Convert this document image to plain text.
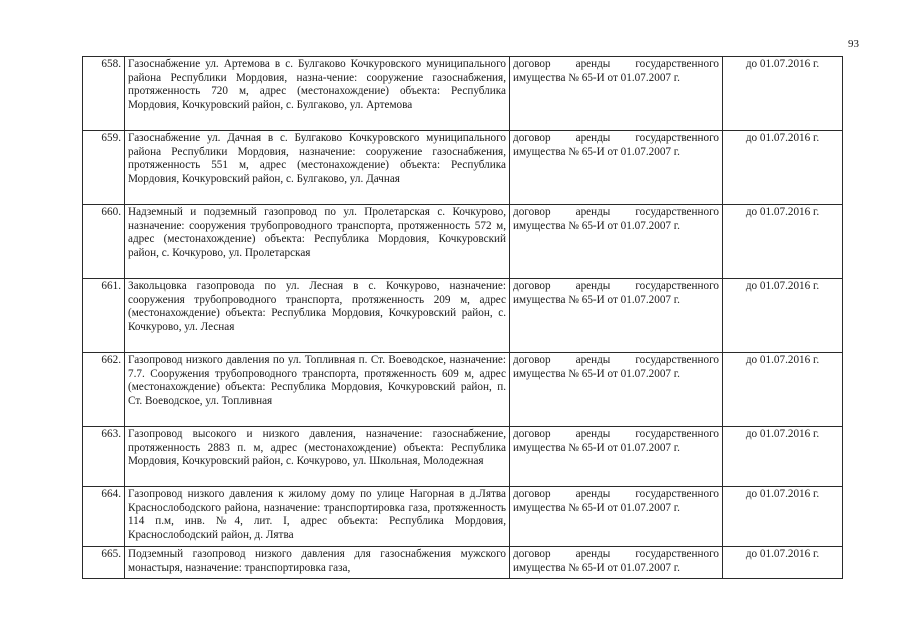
93
658.	Газоснабжение ул. Артемова в с. Булгаково Кочкуровского муниципального района Республики Мордовия, назна-чение: сооружение газоснабжения, протяженность 720 м, адрес (местонахождение) объекта: Республика Мордовия, Кочкуровский район, с. Булгаково, ул. Артемова	договор аренды государственного имущества № 65-И от 01.07.2007 г.	до 01.07.2016 г.
659.	Газоснабжение ул. Дачная в с. Булгаково Кочкуровского муниципального района Республики Мордовия, назначение: сооружение газоснабжения, протяженность 551 м, адрес (местонахождение) объекта: Республика Мордовия, Кочкуровский район, с. Булгаково, ул. Дачная	договор аренды государственного имущества № 65-И от 01.07.2007 г.	до 01.07.2016 г.
660.	Надземный и подземный газопровод по ул. Пролетарская с. Кочкурово, назначение: сооружения трубопроводного транспорта, протяженность 572 м, адрес (местонахождение) объекта: Республика Мордовия, Кочкуровский район, с. Кочкурово, ул. Пролетарская	договор аренды государственного имущества № 65-И от 01.07.2007 г.	до 01.07.2016 г.
661.	Закольцовка газопровода по ул. Лесная в с. Кочкурово, назначение: сооружения трубопроводного транспорта, протяженность 209 м, адрес (местонахождение) объекта: Республика Мордовия, Кочкуровский район, с. Кочкурово, ул. Лесная	договор аренды государственного имущества № 65-И от 01.07.2007 г.	до 01.07.2016 г.
662.	Газопровод низкого давления по ул. Топливная п. Ст. Воеводское, назначение: 7.7. Сооружения трубопроводного транспорта, протяженность 609 м, адрес (местонахождение) объекта: Республика Мордовия, Кочкуровский район, п. Ст. Воеводское, ул. Топливная	договор аренды государственного имущества № 65-И от 01.07.2007 г.	до 01.07.2016 г.
663.	Газопровод высокого и низкого давления, назначение: газоснабжение, протяженность 2883 п. м, адрес (местонахождение) объекта: Республика Мордовия, Кочкуровский район, с. Кочкурово, ул. Школьная, Молодежная	договор аренды государственного имущества № 65-И от 01.07.2007 г.	до 01.07.2016 г.
664.	Газопровод низкого давления к жилому дому по улице Нагорная в д.Лятва Краснослободского района, назначение: транспортировка газа, протяженность 114 п.м, инв. №4, лит. I, адрес объекта: Республика Мордовия, Краснослободский район, д. Лятва	договор аренды государственного имущества № 65-И от 01.07.2007 г.	до 01.07.2016 г.
665.	Подземный газопровод низкого давления для газоснабжения мужского монастыря, назначение: транспортировка газа,	договор аренды государственного имущества № 65-И от 01.07.2007 г.	до 01.07.2016 г.
